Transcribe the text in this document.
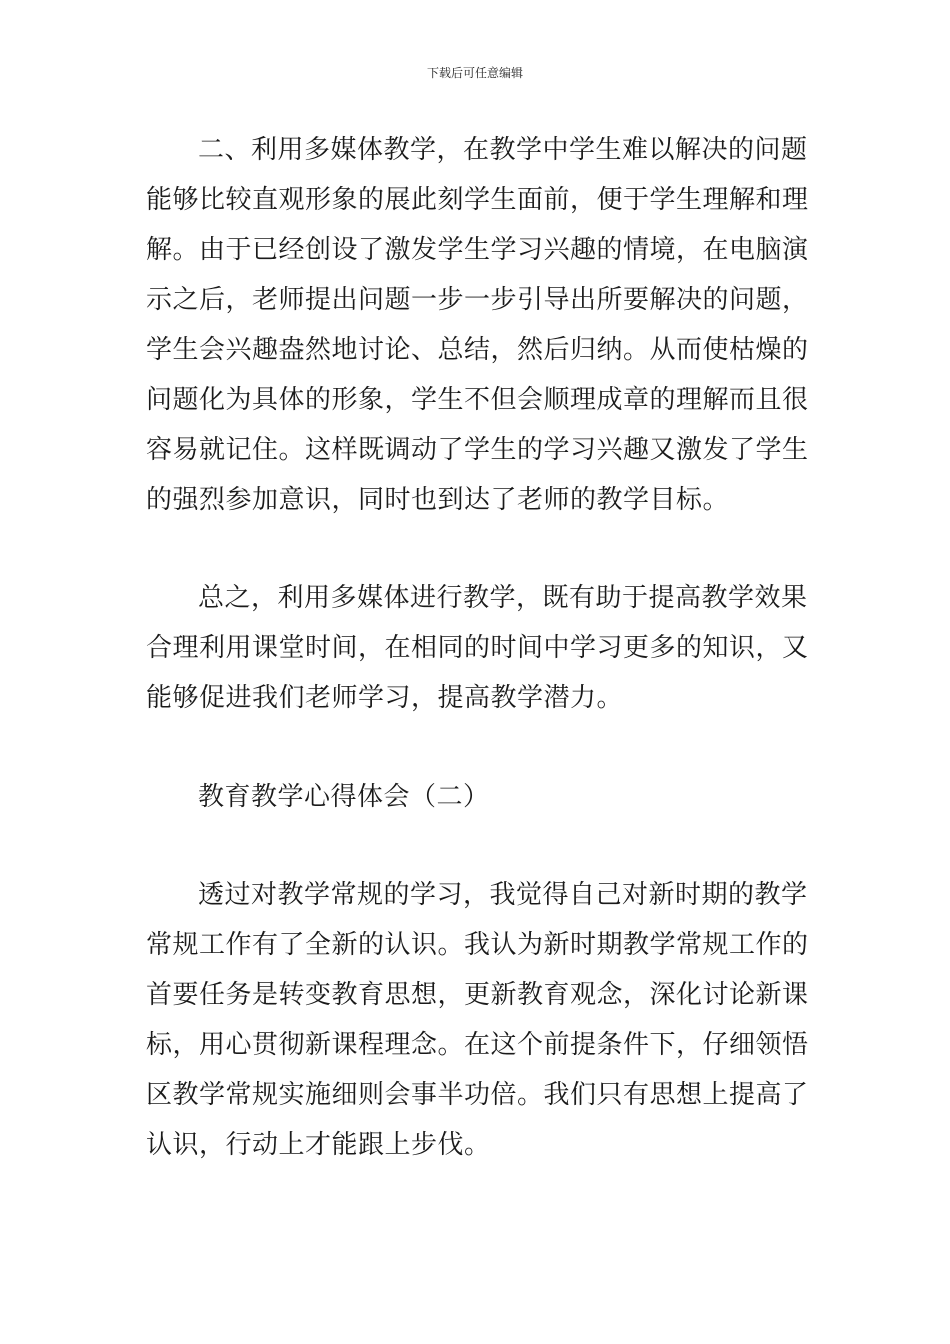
下载后可任意编辑

二、利用多媒体教学，在教学中学生难以解决的问题
能够比较直观形象的展此刻学生面前，便于学生理解和理
解。由于已经创设了激发学生学习兴趣的情境，在电脑演
示之后，老师提出问题一步一步引导出所要解决的问题，
学生会兴趣盎然地讨论、总结，然后归纳。从而使枯燥的
问题化为具体的形象，学生不但会顺理成章的理解而且很
容易就记住。这样既调动了学生的学习兴趣又激发了学生
的强烈参加意识，同时也到达了老师的教学目标。

总之，利用多媒体进行教学，既有助于提高教学效果
合理利用课堂时间，在相同的时间中学习更多的知识，又
能够促进我们老师学习，提高教学潜力。

教育教学心得体会（二）

透过对教学常规的学习，我觉得自己对新时期的教学
常规工作有了全新的认识。我认为新时期教学常规工作的
首要任务是转变教育思想，更新教育观念，深化讨论新课
标，用心贯彻新课程理念。在这个前提条件下，仔细领悟
区教学常规实施细则会事半功倍。我们只有思想上提高了
认识，行动上才能跟上步伐。
